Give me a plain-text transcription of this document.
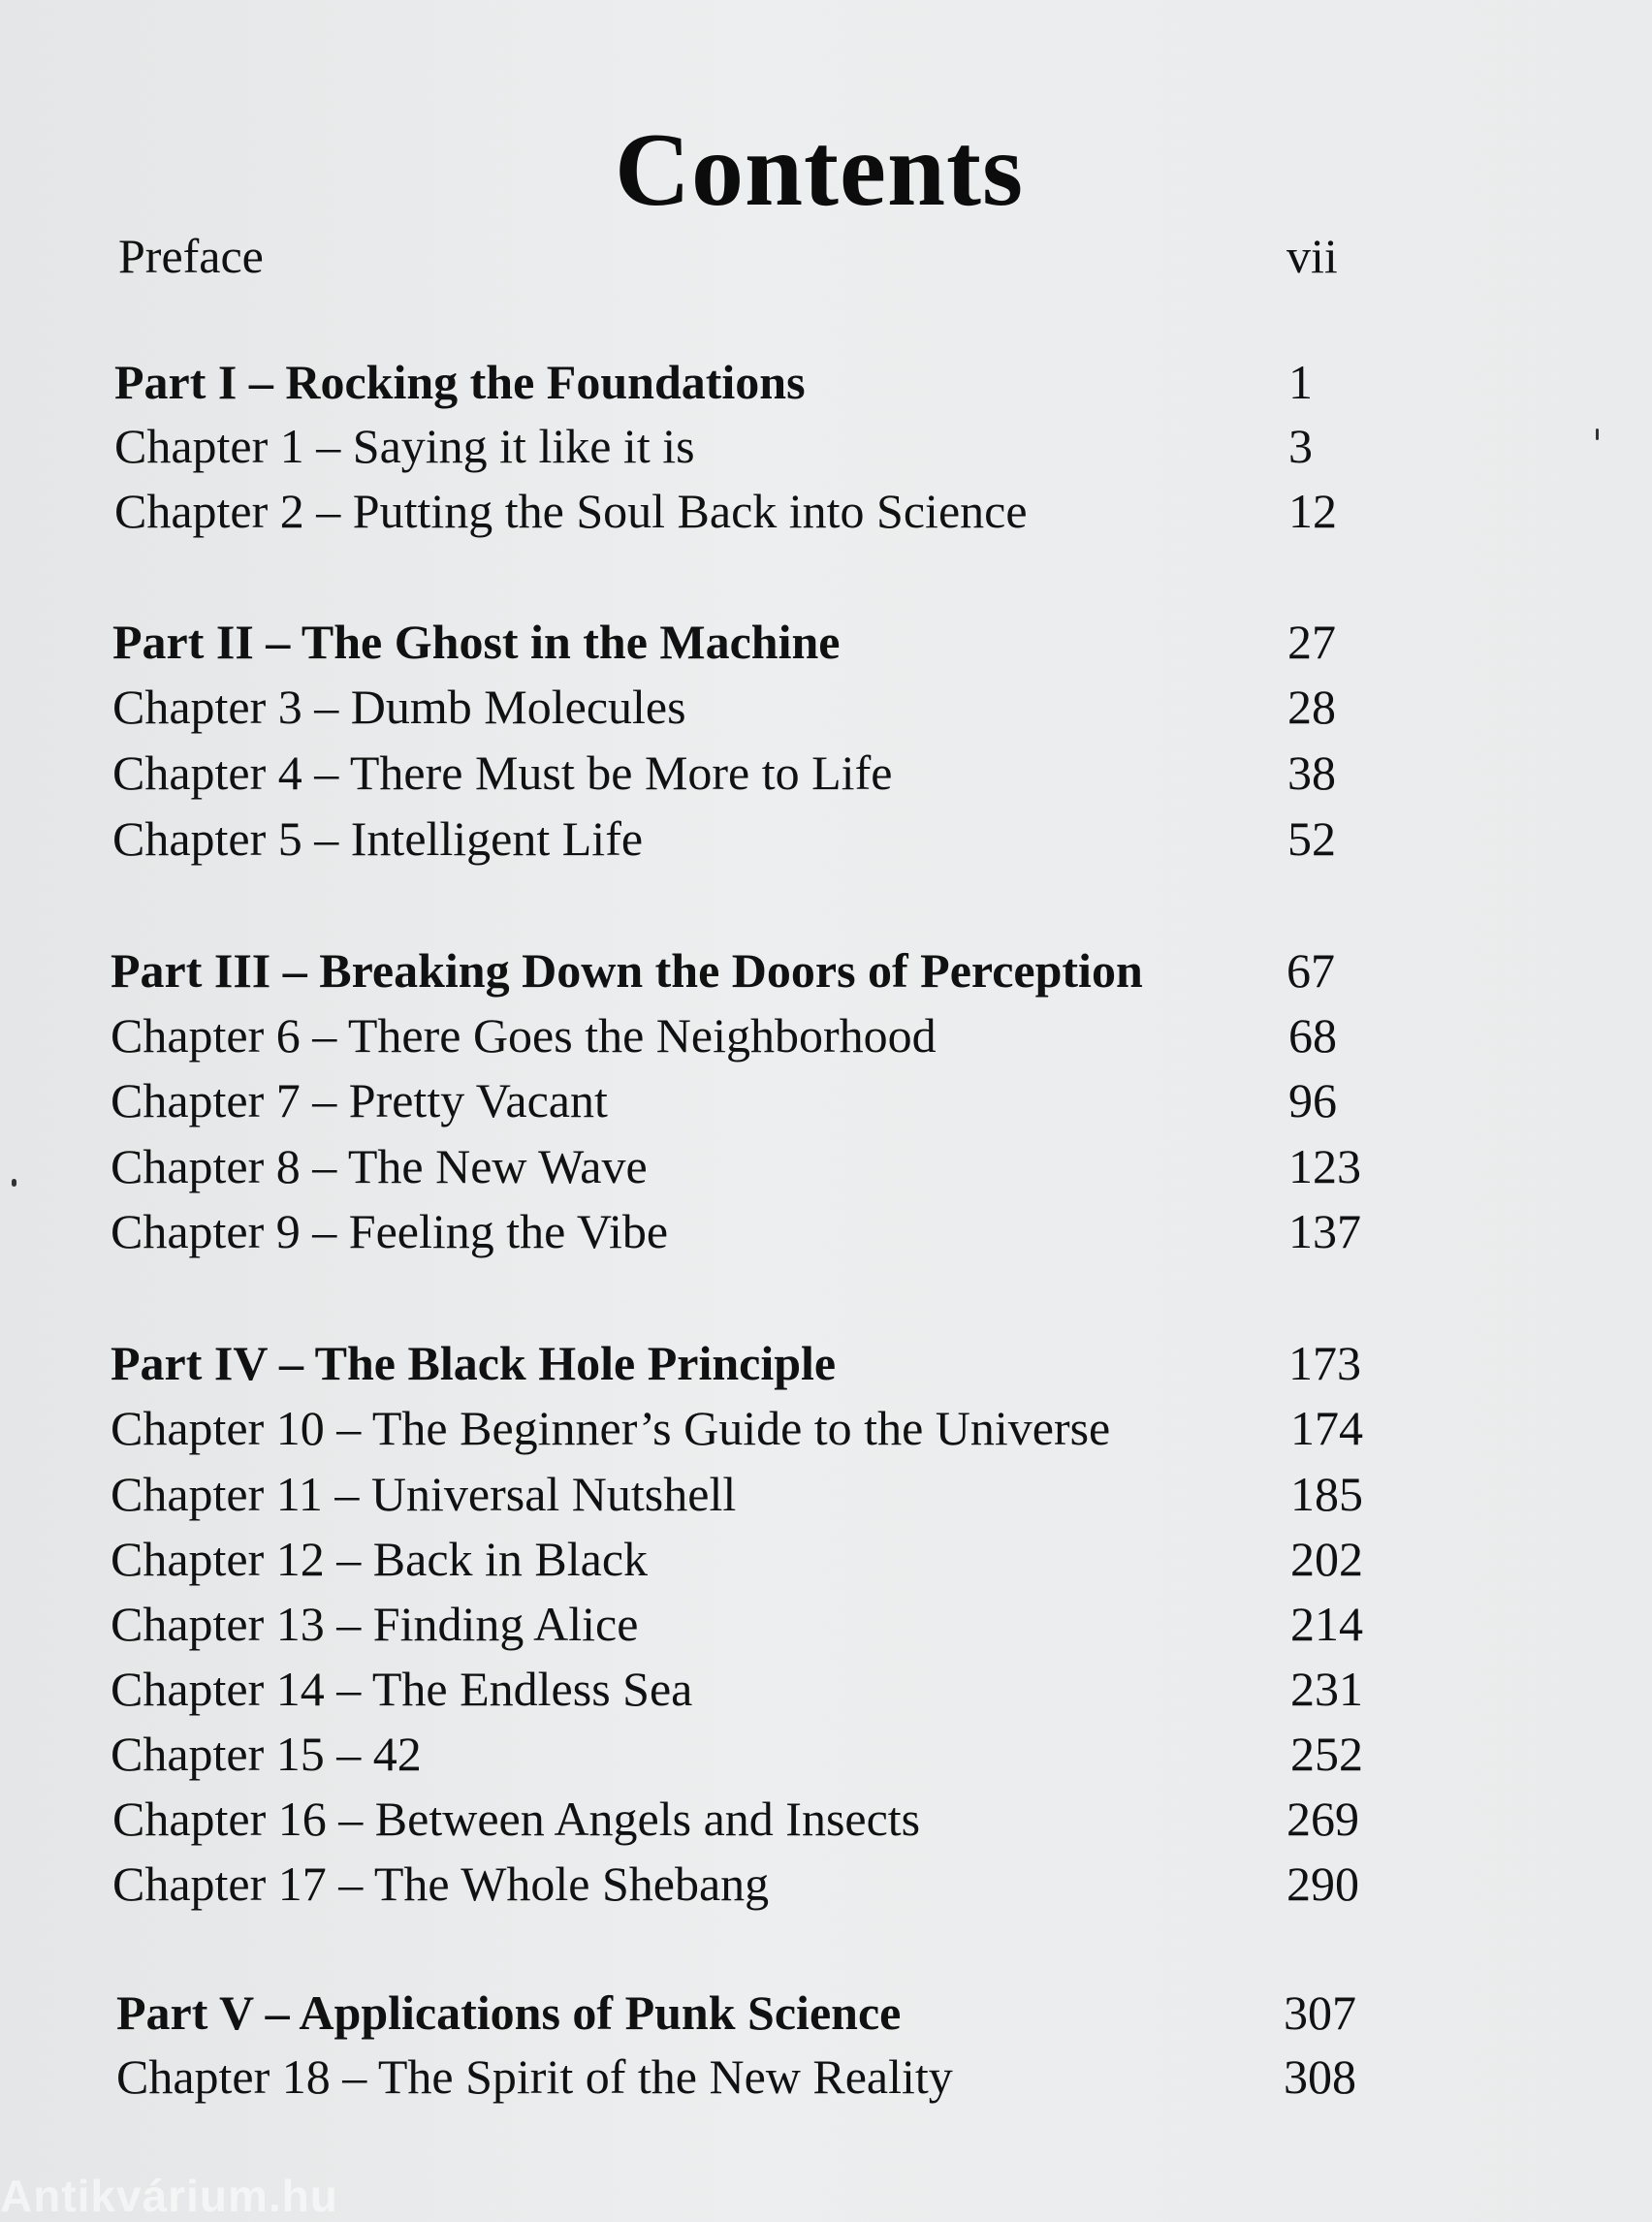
Contents
Preface	vii
Part I – Rocking the Foundations	1
Chapter 1 – Saying it like it is	3
Chapter 2 – Putting the Soul Back into Science	12
Part II – The Ghost in the Machine	27
Chapter 3 – Dumb Molecules	28
Chapter 4 – There Must be More to Life	38
Chapter 5 – Intelligent Life	52
Part III – Breaking Down the Doors of Perception	67
Chapter 6 – There Goes the Neighborhood	68
Chapter 7 – Pretty Vacant	96
Chapter 8 – The New Wave	123
Chapter 9 – Feeling the Vibe	137
Part IV – The Black Hole Principle	173
Chapter 10 – The Beginner’s Guide to the Universe	174
Chapter 11 – Universal Nutshell	185
Chapter 12 – Back in Black	202
Chapter 13 – Finding Alice	214
Chapter 14 – The Endless Sea	231
Chapter 15 – 42	252
Chapter 16 – Between Angels and Insects	269
Chapter 17 – The Whole Shebang	290
Part V – Applications of Punk Science	307
Chapter 18 – The Spirit of the New Reality	308
Antikvárium.hu
